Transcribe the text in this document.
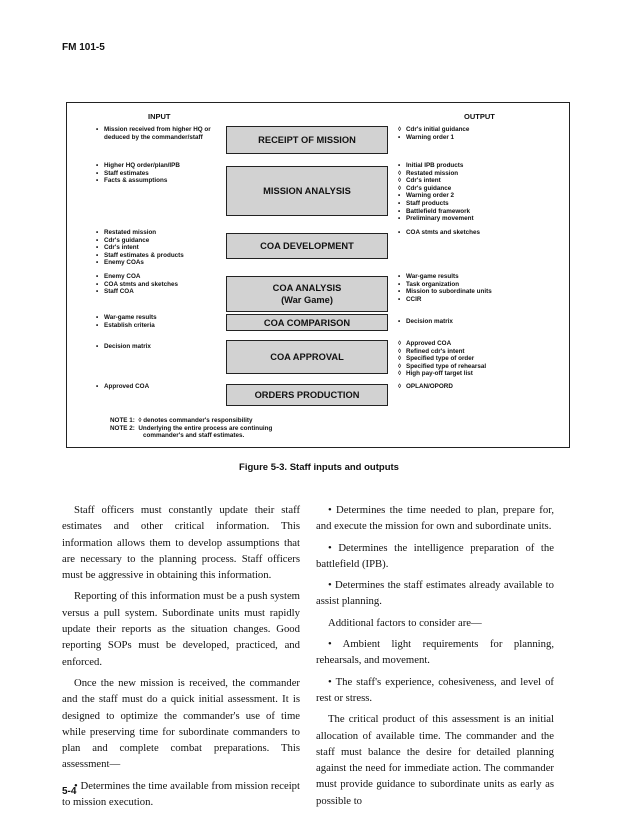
FM 101-5
INPUT	OUTPUT
RECEIPT OF MISSION
MISSION ANALYSIS
COA DEVELOPMENT
COA ANALYSIS
(War Game)
COA COMPARISON
COA APPROVAL
ORDERS PRODUCTION
• Mission received from higher HQ or deduced by the commander/staff
• Higher HQ order/plan/IPB
• Staff estimates
• Facts & assumptions
• Restated mission
• Cdr's guidance
• Cdr's intent
• Staff estimates & products
• Enemy COAs
• Enemy COA
• COA stmts and sketches
• Staff COA
• War-game results
• Establish criteria
• Decision matrix
• Approved COA
◊ Cdr's initial guidance
• Warning order 1
• Initial IPB products
◊ Restated mission
◊ Cdr's intent
◊ Cdr's guidance
• Warning order 2
• Staff products
• Battlefield framework
• Preliminary movement
• COA stmts and sketches
• War-game results
• Task organization
• Mission to subordinate units
• CCIR
• Decision matrix
◊ Approved COA
◊ Refined cdr's intent
◊ Specified type of order
◊ Specified type of rehearsal
◊ High pay-off target list
◊ OPLAN/OPORD
NOTE 1: ◊ denotes commander's responsibility
NOTE 2: Underlying the entire process are continuing
commander's and staff estimates.
Figure 5-3. Staff inputs and outputs

Staff officers must constantly update their staff estimates and other critical information. This information allows them to develop assumptions that are necessary to the planning process. Staff officers must be aggressive in obtaining this information.

Reporting of this information must be a push system versus a pull system. Subordinate units must rapidly update their reports as the situation changes. Good reporting SOPs must be developed, practiced, and enforced.

Once the new mission is received, the commander and the staff must do a quick initial assessment. It is designed to optimize the commander's use of time while preserving time for subordinate commanders to plan and complete combat preparations. This assessment—

• Determines the time available from mission receipt to mission execution.

• Determines the time needed to plan, prepare for, and execute the mission for own and subordinate units.

• Determines the intelligence preparation of the battlefield (IPB).

• Determines the staff estimates already available to assist planning.

Additional factors to consider are—

• Ambient light requirements for planning, rehearsals, and movement.

• The staff's experience, cohesiveness, and level of rest or stress.

The critical product of this assessment is an initial allocation of available time. The commander and the staff must balance the desire for detailed planning against the need for immediate action. The commander must provide guidance to subordinate units as early as possible to

5-4
